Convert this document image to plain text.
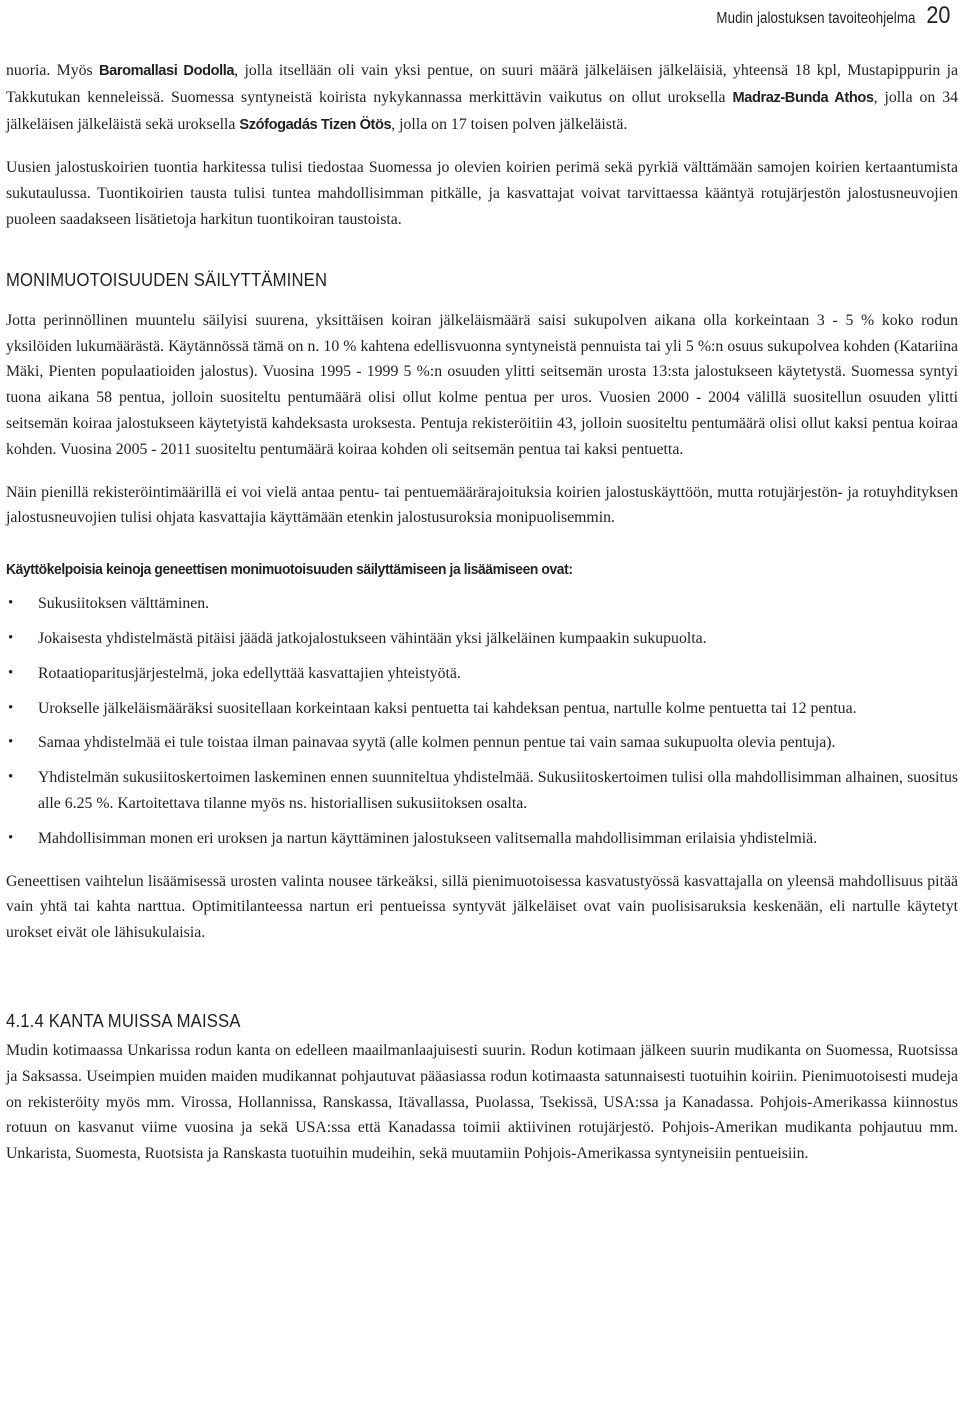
Mudin jalostuksen tavoiteohjelma 20

nuoria. Myös Baromallasi Dodolla, jolla itsellään oli vain yksi pentue, on suuri määrä jälkeläisen jälkeläisiä, yhteensä 18 kpl, Mustapippurin ja Takkutukan kenneleissä. Suomessa syntyneistä koirista nykykannassa merkittävin vaikutus on ollut uroksella Madraz-Bunda Athos, jolla on 34 jälkeläisen jälkeläistä sekä uroksella Szófogadás Tizen Ötös, jolla on 17 toisen polven jälkeläistä.

Uusien jalostuskoirien tuontia harkitessa tulisi tiedostaa Suomessa jo olevien koirien perimä sekä pyrkiä välttämään samojen koirien kertaantumista sukutaulussa. Tuontikoirien tausta tulisi tuntea mahdollisimman pitkälle, ja kasvattajat voivat tarvittaessa kääntyä rotujärjestön jalostusneuvojien puoleen saadakseen lisätietoja harkitun tuontikoiran taustoista.

MONIMUOTOISUUDEN SÄILYTTÄMINEN

Jotta perinnöllinen muuntelu säilyisi suurena, yksittäisen koiran jälkeläismäärä saisi sukupolven aikana olla korkeintaan 3 - 5 % koko rodun yksilöiden lukumäärästä. Käytännössä tämä on n. 10 % kahtena edellisvuonna syntyneistä pennuista tai yli 5 %:n osuus sukupolvea kohden (Katariina Mäki, Pienten populaatioiden jalostus). Vuosina 1995 - 1999 5 %:n osuuden ylitti seitsemän urosta 13:sta jalostukseen käytetystä. Suomessa syntyi tuona aikana 58 pentua, jolloin suositeltu pentumäärä olisi ollut kolme pentua per uros. Vuosien 2000 - 2004 välillä suositellun osuuden ylitti seitsemän koiraa jalostukseen käytetyistä kahdeksasta uroksesta. Pentuja rekisteröitiin 43, jolloin suositeltu pentumäärä olisi ollut kaksi pentua koiraa kohden. Vuosina 2005 - 2011 suositeltu pentumäärä koiraa kohden oli seitsemän pentua tai kaksi pentuetta.

Näin pienillä rekisteröintimäärillä ei voi vielä antaa pentu- tai pentuemäärärajoituksia koirien jalostuskäyttöön, mutta rotujärjestön- ja rotuyhdityksen jalostusneuvojien tulisi ohjata kasvattajia käyttämään etenkin jalostusuroksia monipuolisemmin.

Käyttökelpoisia keinoja geneettisen monimuotoisuuden säilyttämiseen ja lisäämiseen ovat:
• Sukusiitoksen välttäminen.
• Jokaisesta yhdistelmästä pitäisi jäädä jatkojalostukseen vähintään yksi jälkeläinen kumpaakin sukupuolta.
• Rotaatioparitusjärjestelmä, joka edellyttää kasvattajien yhteistyötä.
• Urokselle jälkeläismääräksi suositellaan korkeintaan kaksi pentuetta tai kahdeksan pentua, nartulle kolme pentuetta tai 12 pentua.
• Samaa yhdistelmää ei tule toistaa ilman painavaa syytä (alle kolmen pennun pentue tai vain samaa sukupuolta olevia pentuja).
• Yhdistelmän sukusiitoskertoimen laskeminen ennen suunniteltua yhdistelmää. Sukusiitoskertoimen tulisi olla mahdollisimman alhainen, suositus alle 6.25 %. Kartoitettava tilanne myös ns. historiallisen sukusiitoksen osalta.
• Mahdollisimman monen eri uroksen ja nartun käyttäminen jalostukseen valitsemalla mahdollisimman erilaisia yhdistelmiä.

Geneettisen vaihtelun lisäämisessä urosten valinta nousee tärkeäksi, sillä pienimuotoisessa kasvatustyössä kasvattajalla on yleensä mahdollisuus pitää vain yhtä tai kahta narttua. Optimitilanteessa nartun eri pentueissa syntyvät jälkeläiset ovat vain puolisisaruksia keskenään, eli nartulle käytetyt urokset eivät ole lähisukulaisia.

4.1.4 KANTA MUISSA MAISSA

Mudin kotimaassa Unkarissa rodun kanta on edelleen maailmanlaajuisesti suurin. Rodun kotimaan jälkeen suurin mudikanta on Suomessa, Ruotsissa ja Saksassa. Useimpien muiden maiden mudikannat pohjautuvat pääasiassa rodun kotimaasta satunnaisesti tuotuihin koiriin. Pienimuotoisesti mudeja on rekisteröity myös mm. Virossa, Hollannissa, Ranskassa, Itävallassa, Puolassa, Tsekissä, USA:ssa ja Kanadassa. Pohjois-Amerikassa kiinnostus rotuun on kasvanut viime vuosina ja sekä USA:ssa että Kanadassa toimii aktiivinen rotujärjestö. Pohjois-Amerikan mudikanta pohjautuu mm. Unkarista, Suomesta, Ruotsista ja Ranskasta tuotuihin mudeihin, sekä muutamiin Pohjois-Amerikassa syntyneisiin pentueisiin.
